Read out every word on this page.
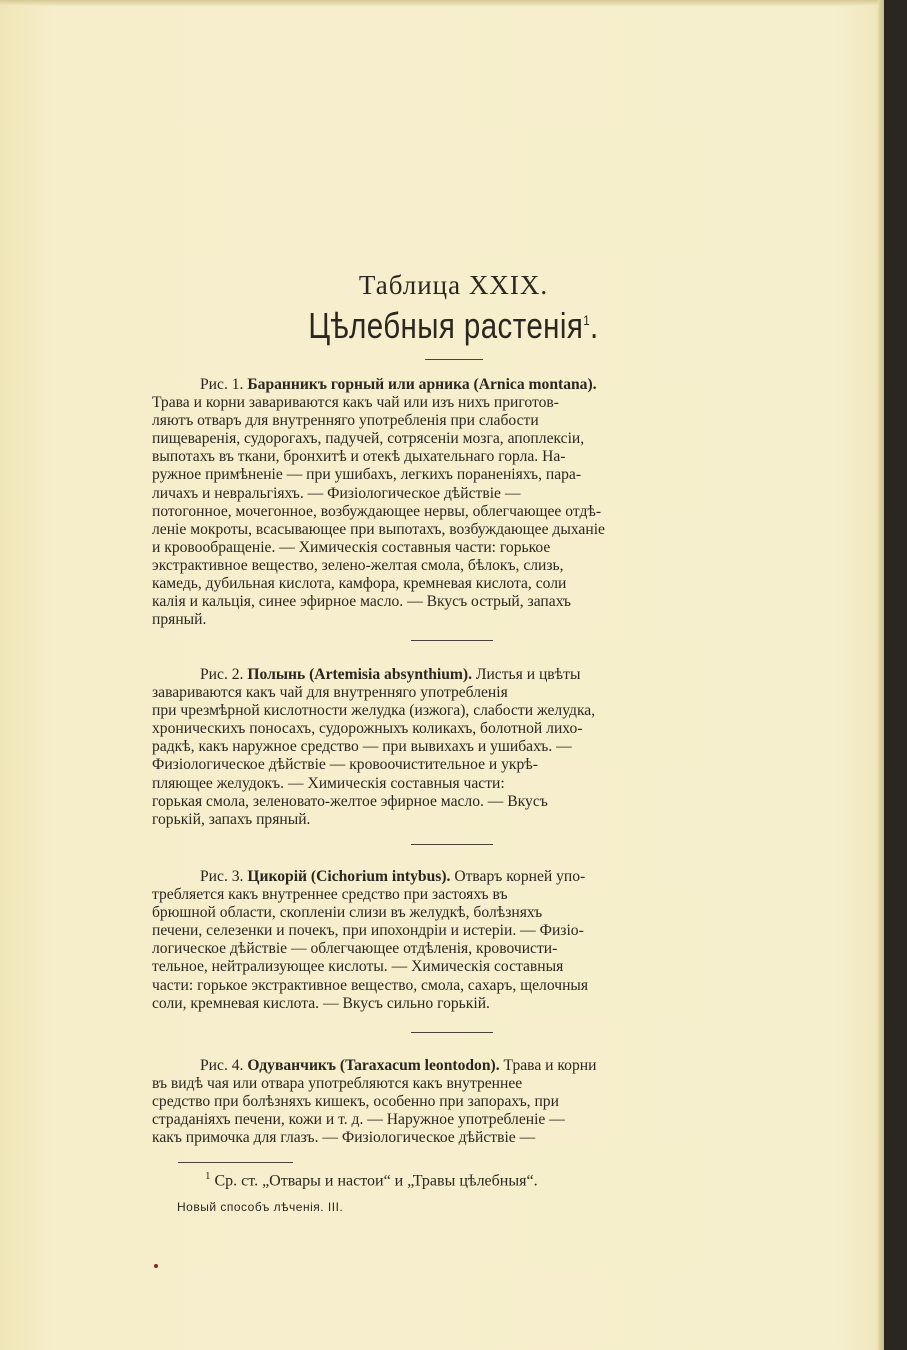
Таблица XXIX.
Цѣлебныя растенія$^1$.
Рис. 1. Баранникъ горный или арника (Arnica montana).
Трава и корни завариваются какъ чай или изъ нихъ приготов-
ляютъ отваръ для внутренняго употребленія при слабости
пищеваренія, судорогахъ, падучей, сотрясеніи мозга, апоплексіи,
выпотахъ въ ткани, бронхитѣ и отекѣ дыхательнаго горла. На-
ружное примѣненіе — при ушибахъ, легкихъ пораненіяхъ, пара-
личахъ и невральгіяхъ. — Физiологическое дѣйствiе —
потогонное, мочегонное, возбуждающее нервы, облегчающее отдѣ-
леніе мокроты, всасывающее при выпотахъ, возбуждающее дыханіе
и кровообращеніе. — Химическія составныя части: горькое
экстрактивное вещество, зелено-желтая смола, бѣлокъ, слизь,
камедь, дубильная кислота, камфора, кремневая кислота, соли
калія и кальція, синее эфирное масло. — Вкусъ острый, запахъ
пряный.
Рис. 2. Полынь (Artemisia absynthium). Листья и цвѣты
завариваются какъ чай для внутренняго употребленія
при чрезмѣрной кислотности желудка (изжога), слабости желудка,
хроническихъ поносахъ, судорожныхъ коликахъ, болотной лихо-
радкѣ, какъ наружное средство — при вывихахъ и ушибахъ. —
Физіологическое дѣйствіе — кровоочистительное и укрѣ-
пляющее желудокъ. — Химическія составныя части:
горькая смола, зеленовато-желтое эфирное масло. — Вкусъ
горькій, запахъ пряный.
Рис. 3. Цикорій (Cichorium intybus). Отваръ корней упо-
требляется какъ внутреннее средство при застояхъ въ
брюшной области, скопленіи слизи въ желудкѣ, болѣзняхъ
печени, селезенки и почекъ, при ипохондріи и истеріи. — Физіо-
логическое дѣйствіе — облегчающее отдѣленія, кровочисти-
тельное, нейтрализующее кислоты. — Химическія составныя
части: горькое экстрактивное вещество, смола, сахаръ, щелочныя
соли, кремневая кислота. — Вкусъ сильно горькій.
Рис. 4. Одуванчикъ (Taraxacum leontodon). Трава и корни
въ видѣ чая или отвара употребляются какъ внутреннее
средство при болѣзняхъ кишекъ, особенно при запорахъ, при
страданіяхъ печени, кожи и т. д. — Наружное употребленіе —
какъ примочка для глазъ. — Физіологическое дѣйствіе —
$^1$ Ср. ст. „Отвары и настои“ и „Травы цѣлебныя“.
Новый способъ лѣченія. III.
